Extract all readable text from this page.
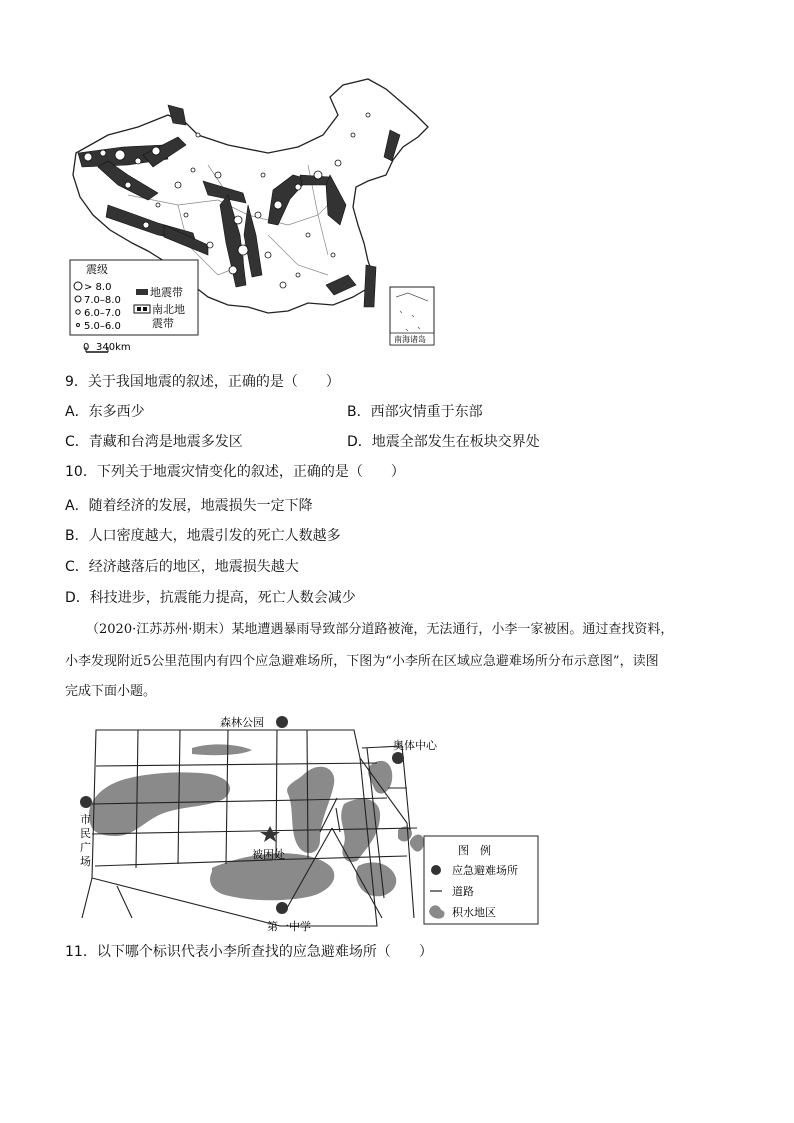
震级
> 8.0
7.0–8.0
6.0–7.0
5.0–6.0
地震带
南北地
震带
0 340km
南海诸岛
9．关于我国地震的叙述，正确的是（　　）
A．东多西少	B．西部灾情重于东部
C．青藏和台湾是地震多发区	D．地震全部发生在板块交界处
10．下列关于地震灾情变化的叙述，正确的是（　　）
A．随着经济的发展，地震损失一定下降
B．人口密度越大，地震引发的死亡人数越多
C．经济越落后的地区，地震损失越大
D．科技进步，抗震能力提高，死亡人数会减少
（2020·江苏苏州·期末）某地遭遇暴雨导致部分道路被淹，无法通行，小李一家被困。通过查找资料，
小李发现附近5公里范围内有四个应急避难场所，下图为“小李所在区域应急避难场所分布示意图”，读图
完成下面小题。
森林公园
奥体中心
市
民
广
场
被困处
第一中学
图　例
应急避难场所
道路
积水地区
11．以下哪个标识代表小李所查找的应急避难场所（　　）
